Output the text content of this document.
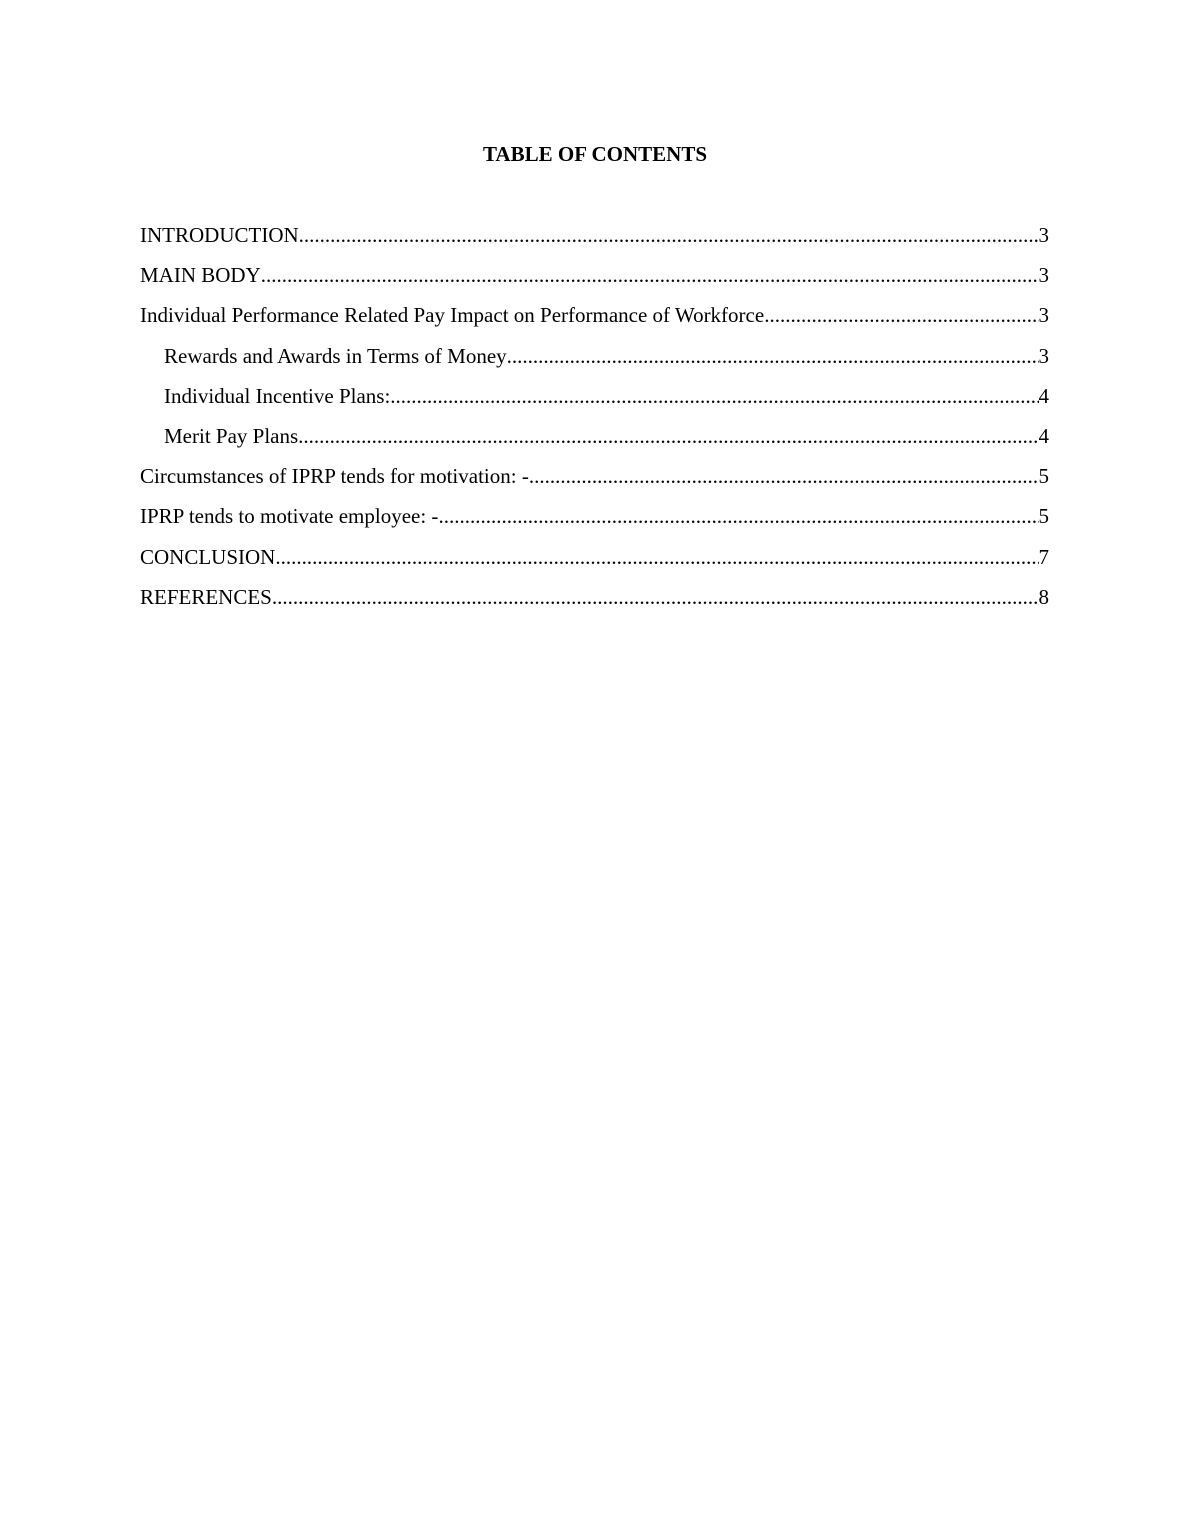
TABLE OF CONTENTS
INTRODUCTION .....	3
MAIN BODY .....	3
Individual Performance Related Pay Impact on Performance of Workforce .....	3
Rewards and Awards in Terms of Money .....	3
Individual Incentive Plans: .....	4
Merit Pay Plans .....	4
Circumstances of IPRP tends for motivation: - .....	5
IPRP tends to motivate employee: - .....	5
CONCLUSION .....	7
REFERENCES .....	8
